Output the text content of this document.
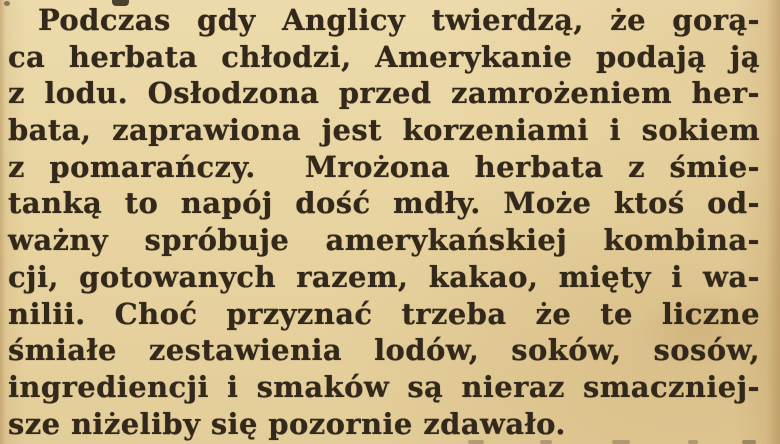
Podczas gdy Anglicy twierdzą, że gorą-
ca herbata chłodzi, Amerykanie podają ją
z lodu. Osłodzona przed zamrożeniem her-
bata, zaprawiona jest korzeniami i sokiem
z pomarańczy.  Mrożona herbata z śmie-
tanką to napój dość mdły. Może ktoś od-
ważny spróbuje amerykańskiej kombina-
cji, gotowanych razem, kakao, mięty i wa-
nilii. Choć przyznać trzeba że te liczne
śmiałe zestawienia lodów, soków, sosów,
ingrediencji i smaków są nieraz smaczniej-
sze niżeliby się pozornie zdawało.
